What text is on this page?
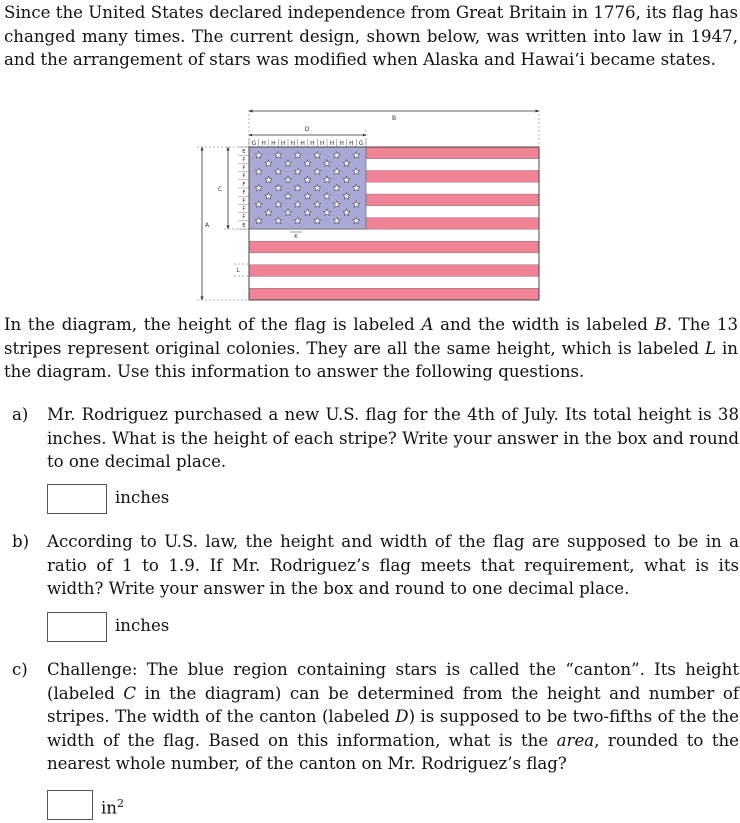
Since the United States declared independence from Great Britain in 1776, its flag has changed many times. The current design, shown below, was written into law in 1947, and the arrangement of stars was modified when Alaska and Hawai‘i became states.

B
D
G H H H H H H H H H H G
A
C
E
F
F
F
F
F
F
F
F
E
K
L

In the diagram, the height of the flag is labeled A and the width is labeled B. The 13 stripes represent original colonies. They are all the same height, which is labeled L in the diagram. Use this information to answer the following questions.

a) Mr. Rodriguez purchased a new U.S. flag for the 4th of July. Its total height is 38 inches. What is the height of each stripe? Write your answer in the box and round to one decimal place.

inches
b) According to U.S. law, the height and width of the flag are supposed to be in a ratio of 1 to 1.9. If Mr. Rodriguez’s flag meets that requirement, what is its width? Write your answer in the box and round to one decimal place.

inches
c) Challenge: The blue region containing stars is called the “canton”. Its height (labeled C in the diagram) can be determined from the height and number of stripes. The width of the canton (labeled D) is supposed to be two-fifths of the the width of the flag. Based on this information, what is the area, rounded to the nearest whole number, of the canton on Mr. Rodriguez’s flag?

$in^2$
